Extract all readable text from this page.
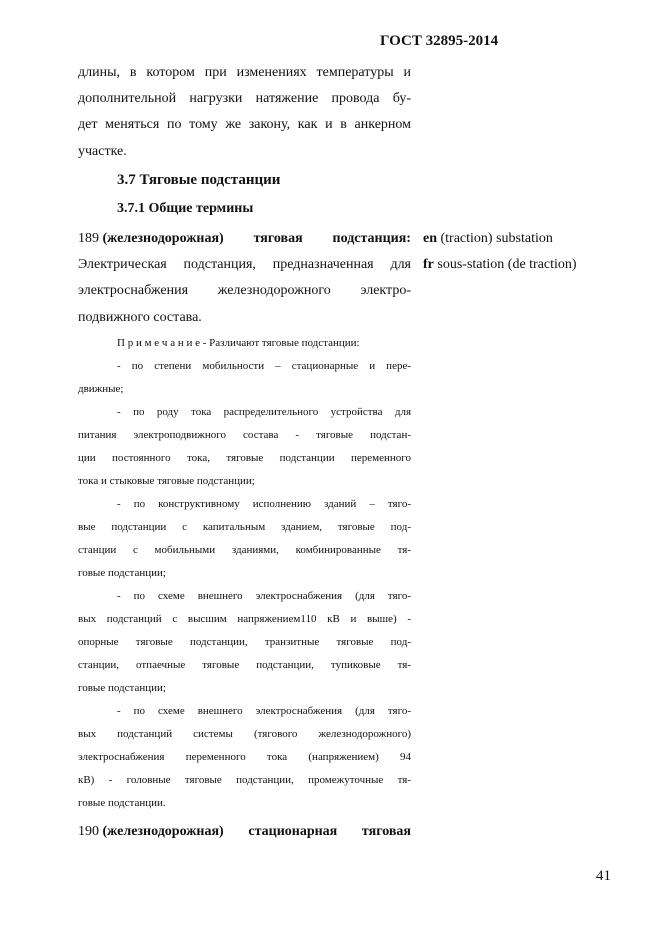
ГОСТ 32895-2014
длины, в котором при изменениях температуры и
дополнительной нагрузки натяжение провода бу-
дет меняться по тому же закону, как и в анкерном
участке.
3.7 Тяговые подстанции
3.7.1 Общие термины
189 (железнодорожная) тяговая подстанция:
Электрическая подстанция, предназначенная для
электроснабжения железнодорожного электро-
подвижного состава.
en (traction) substation
fr sous-station (de traction)
П р и м е ч а н и е - Различают тяговые подстанции:
- по степени мобильности – стационарные и пере-
движные;
- по роду тока распределительного устройства для
питания электроподвижного состава - тяговые подстан-
ции постоянного тока, тяговые подстанции переменного
тока и стыковые тяговые подстанции;
- по конструктивному исполнению зданий – тяго-
вые подстанции с капитальным зданием, тяговые под-
станции с мобильными зданиями, комбинированные тя-
говые подстанции;
- по схеме внешнего электроснабжения (для тяго-
вых подстанций с высшим напряжением110 кВ и выше) -
опорные тяговые подстанции, транзитные тяговые под-
станции, отпаечные тяговые подстанции, тупиковые тя-
говые подстанции;
- по схеме внешнего электроснабжения (для тяго-
вых подстанций системы (тягового железнодорожного)
электроснабжения переменного тока (напряжением) 94
кВ) - головные тяговые подстанции, промежуточные тя-
говые подстанции.
190 (железнодорожная) стационарная тяговая
41
